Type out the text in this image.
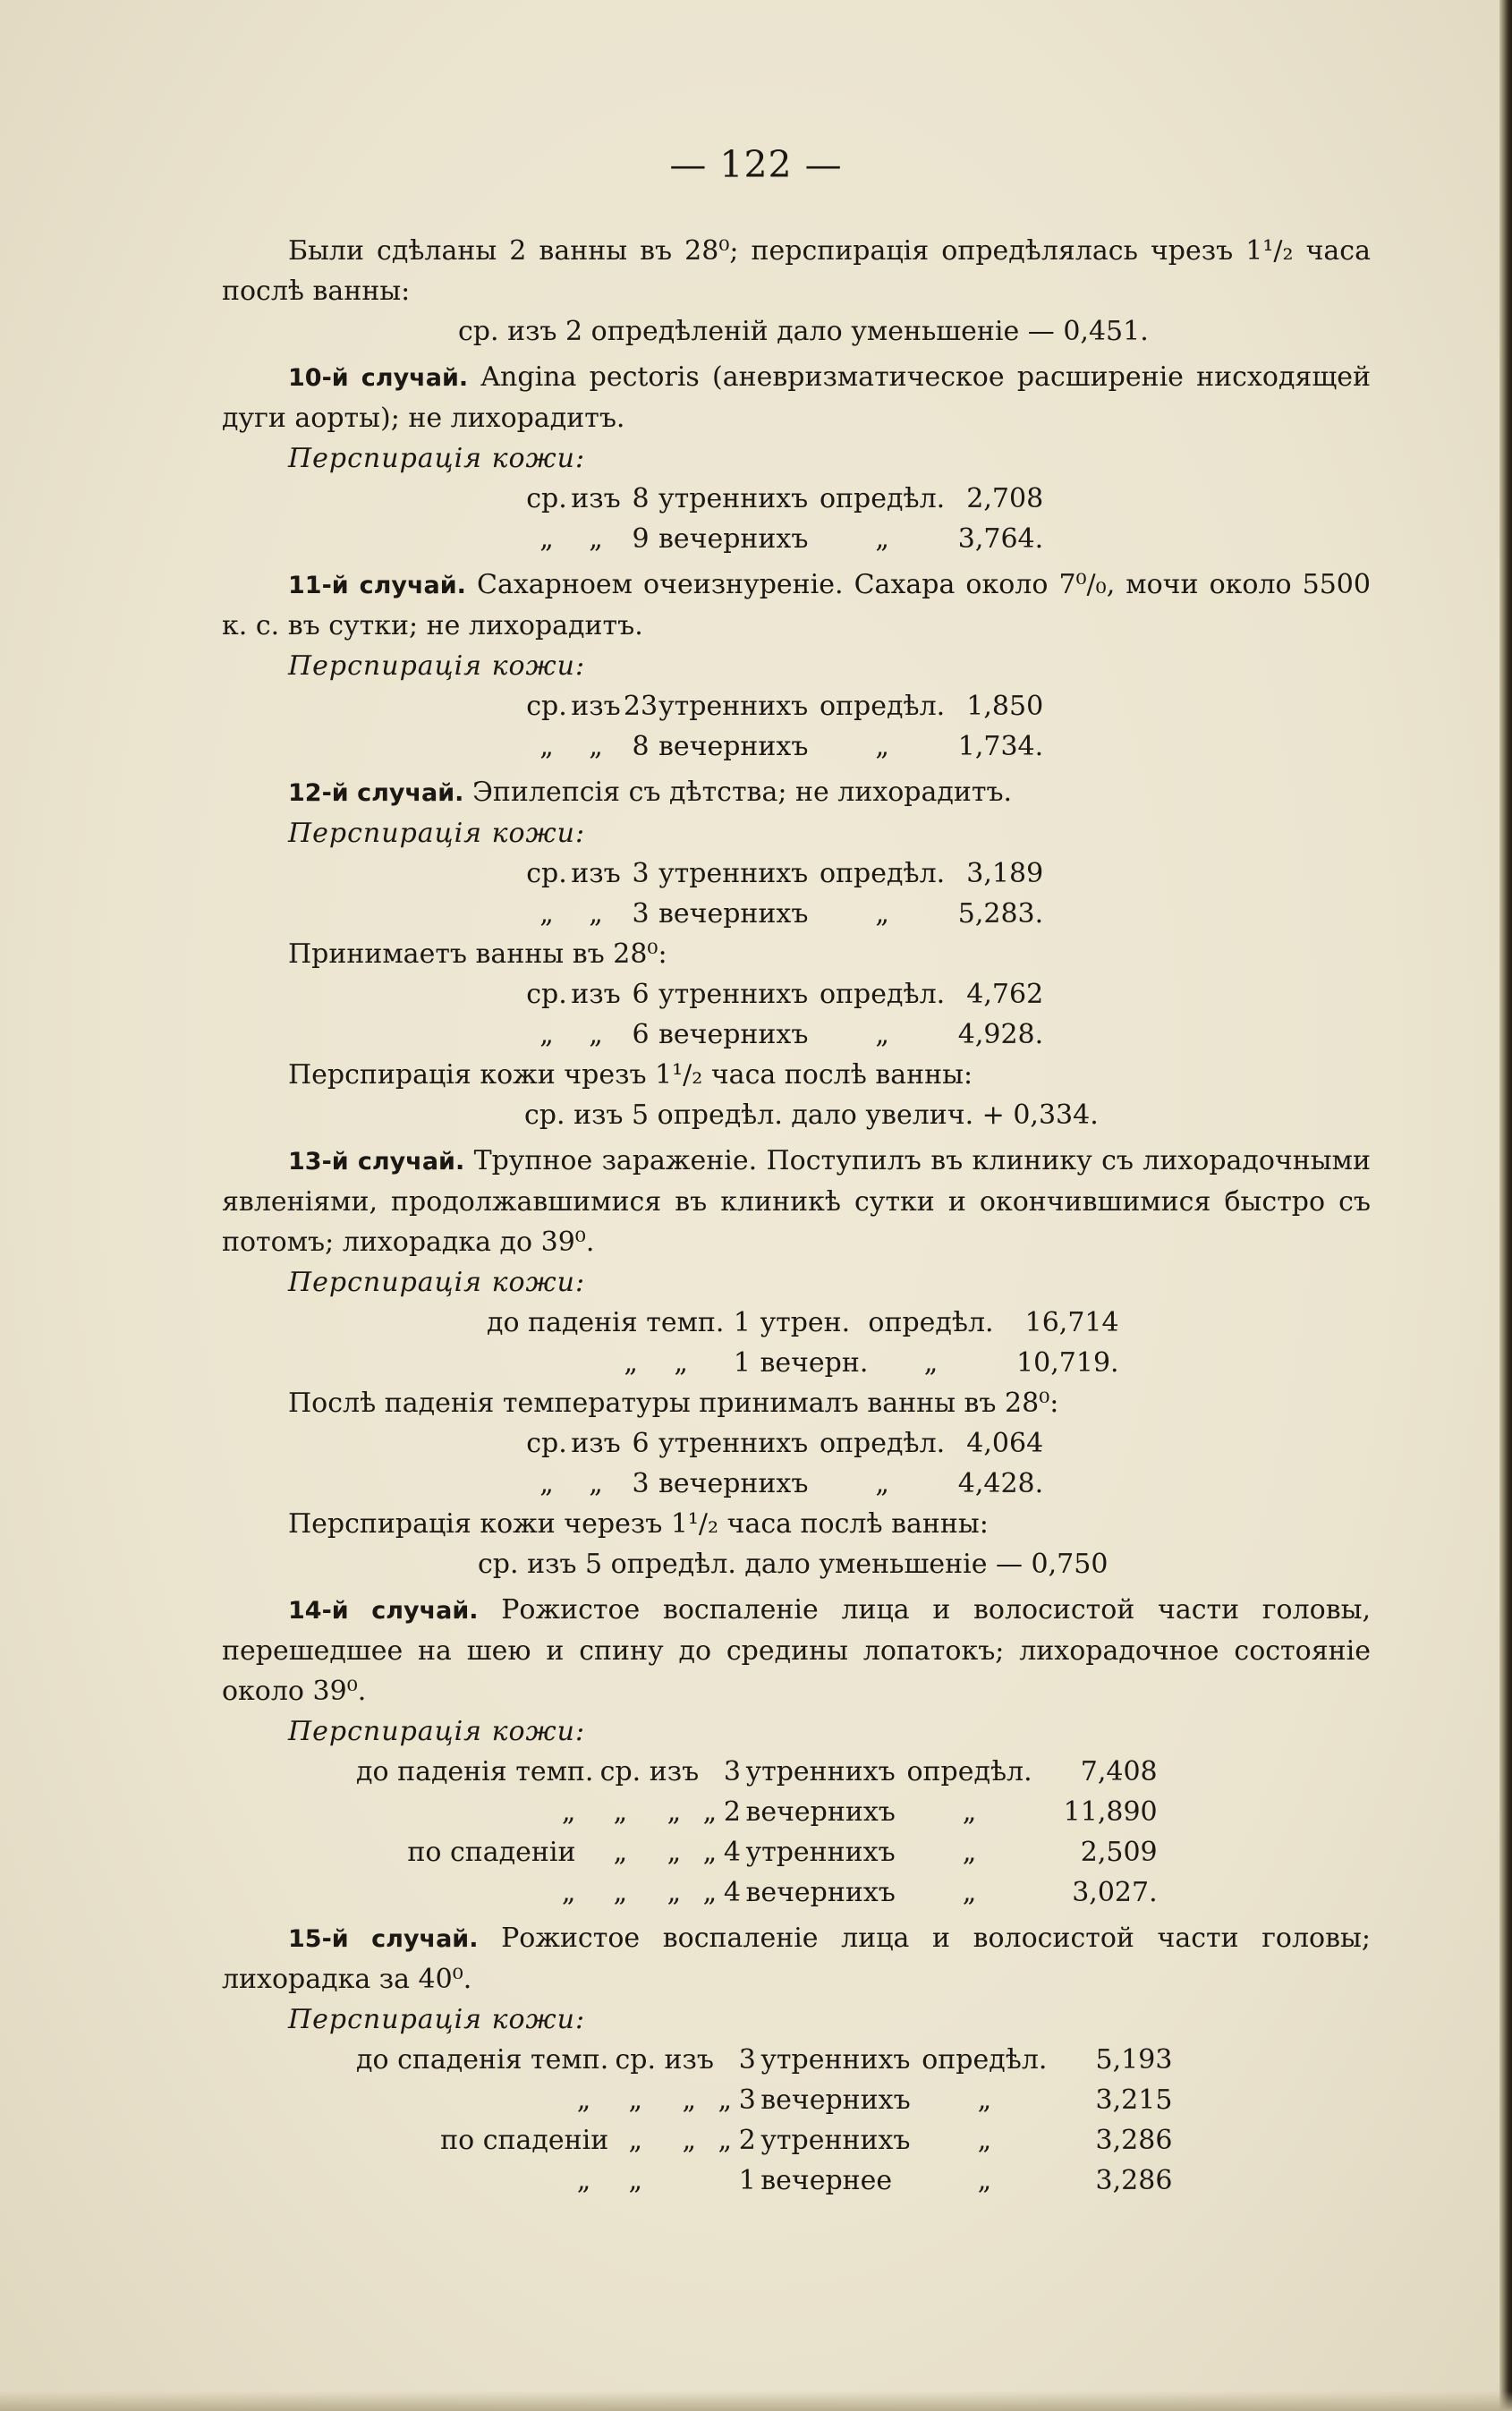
— 122 —

Были сдѣланы 2 ванны въ 28⁰; перспирація опредѣлялась чрезъ 1¹/₂ часа послѣ ванны:

ср. изъ 2 опредѣленій дало уменьшеніе — 0,451.

10-й случай. Angina pectoris (аневризматическое расширеніе нисходящей дуги аорты); не лихорадитъ.

Перспирація кожи:
ср.	изъ	8	утреннихъ	опредѣл.	2,708
„	„	9	вечернихъ	„	3,764.

11-й случай. Сахарноем очеизнуреніе. Сахара около 7⁰/₀, мочи около 5500 к. с. въ сутки; не лихорадитъ.

Перспирація кожи:
ср.	изъ	23	утреннихъ	опредѣл.	1,850
„	„	8	вечернихъ	„	1,734.

12-й случай. Эпилепсія съ дѣтства; не лихорадитъ.

Перспирація кожи:
ср.	изъ	3	утреннихъ	опредѣл.	3,189
„	„	3	вечернихъ	„	5,283.
Принимаетъ ванны въ 28⁰:
ср.	изъ	6	утреннихъ	опредѣл.	4,762
„	„	6	вечернихъ	„	4,928.
Перспирація кожи чрезъ 1¹/₂ часа послѣ ванны:
ср. изъ 5 опредѣл. дало увелич. + 0,334.

13-й случай. Трупное зараженіе. Поступилъ въ клинику съ лихорадочными явленіями, продолжавшимися въ клиникѣ сутки и окончившимися быстро съ потомъ; лихорадка до 39⁰.

Перспирація кожи:
до паденія темп.		1	утрен.	опредѣл.	16,714
„	„	1	вечерн.	„	10,719.
Послѣ паденія температуры принималъ ванны въ 28⁰:
ср.	изъ	6	утреннихъ	опредѣл.	4,064
„	„	3	вечернихъ	„	4,428.
Перспирація кожи черезъ 1¹/₂ часа послѣ ванны:
ср. изъ 5 опредѣл. дало уменьшеніе — 0,750

14-й случай. Рожистое воспаленіе лица и волосистой части головы, перешедшее на шею и спину до средины лопатокъ; лихорадочное состояніе около 39⁰.

Перспирація кожи:
до паденія темп.	ср.	изъ		3	утреннихъ	опредѣл.	7,408
„	„	„	„	2	вечернихъ	„	11,890
по спаденіи	„	„	„	4	утреннихъ	„	2,509
„	„	„	„	4	вечернихъ	„	3,027.

15-й случай. Рожистое воспаленіе лица и волосистой части головы; лихорадка за 40⁰.

Перспирація кожи:
до спаденія темп.	ср.	изъ		3	утреннихъ	опредѣл.	5,193
„	„	„	„	3	вечернихъ	„	3,215
по спаденіи	„	„	„	2	утреннихъ	„	3,286
„	„			1	вечернее	„	3,286
